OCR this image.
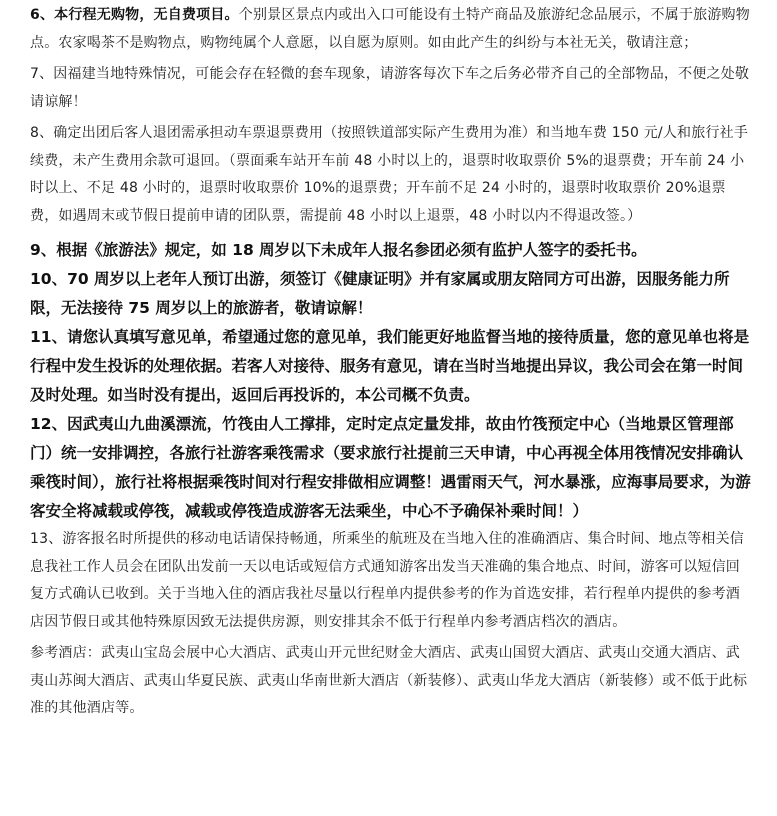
6、本行程无购物，无自费项目。个别景区景点内或出入口可能设有土特产商品及旅游纪念品展示，不属于旅游购物点。农家喝茶不是购物点，购物纯属个人意愿，以自愿为原则。如由此产生的纠纷与本社无关，敬请注意；

7、因福建当地特殊情况，可能会存在轻微的套车现象，请游客每次下车之后务必带齐自己的全部物品，不便之处敬请谅解！

8、确定出团后客人退团需承担动车票退票费用（按照铁道部实际产生费用为准）和当地车费 150 元/人和旅行社手续费，未产生费用余款可退回。（票面乘车站开车前 48 小时以上的，退票时收取票价 5%的退票费；开车前 24 小时以上、不足 48 小时的，退票时收取票价 10%的退票费；开车前不足 24 小时的，退票时收取票价 20%退票费，如遇周末或节假日提前申请的团队票，需提前 48 小时以上退票，48 小时以内不得退改签。）

9、根据《旅游法》规定，如 18 周岁以下未成年人报名参团必须有监护人签字的委托书。

10、70 周岁以上老年人预订出游，须签订《健康证明》并有家属或朋友陪同方可出游，因服务能力所限，无法接待 75 周岁以上的旅游者，敬请谅解！

11、请您认真填写意见单，希望通过您的意见单，我们能更好地监督当地的接待质量，您的意见单也将是行程中发生投诉的处理依据。若客人对接待、服务有意见，请在当时当地提出异议，我公司会在第一时间及时处理。如当时没有提出，返回后再投诉的，本公司概不负责。

12、因武夷山九曲溪漂流，竹筏由人工撑排，定时定点定量发排，故由竹筏预定中心（当地景区管理部门）统一安排调控，各旅行社游客乘筏需求（要求旅行社提前三天申请，中心再视全体用筏情况安排确认乘筏时间），旅行社将根据乘筏时间对行程安排做相应调整！遇雷雨天气，河水暴涨，应海事局要求，为游客安全将减载或停筏，减载或停筏造成游客无法乘坐，中心不予确保补乘时间！）

13、游客报名时所提供的移动电话请保持畅通，所乘坐的航班及在当地入住的准确酒店、集合时间、地点等相关信息我社工作人员会在团队出发前一天以电话或短信方式通知游客出发当天准确的集合地点、时间，游客可以短信回复方式确认已收到。关于当地入住的酒店我社尽量以行程单内提供参考的作为首选安排，若行程单内提供的参考酒店因节假日或其他特殊原因致无法提供房源，则安排其余不低于行程单内参考酒店档次的酒店。

参考酒店：武夷山宝岛会展中心大酒店、武夷山开元世纪财金大酒店、武夷山国贸大酒店、武夷山交通大酒店、武夷山苏闽大酒店、武夷山华夏民族、武夷山华南世新大酒店（新装修）、武夷山华龙大酒店（新装修）或不低于此标准的其他酒店等。
